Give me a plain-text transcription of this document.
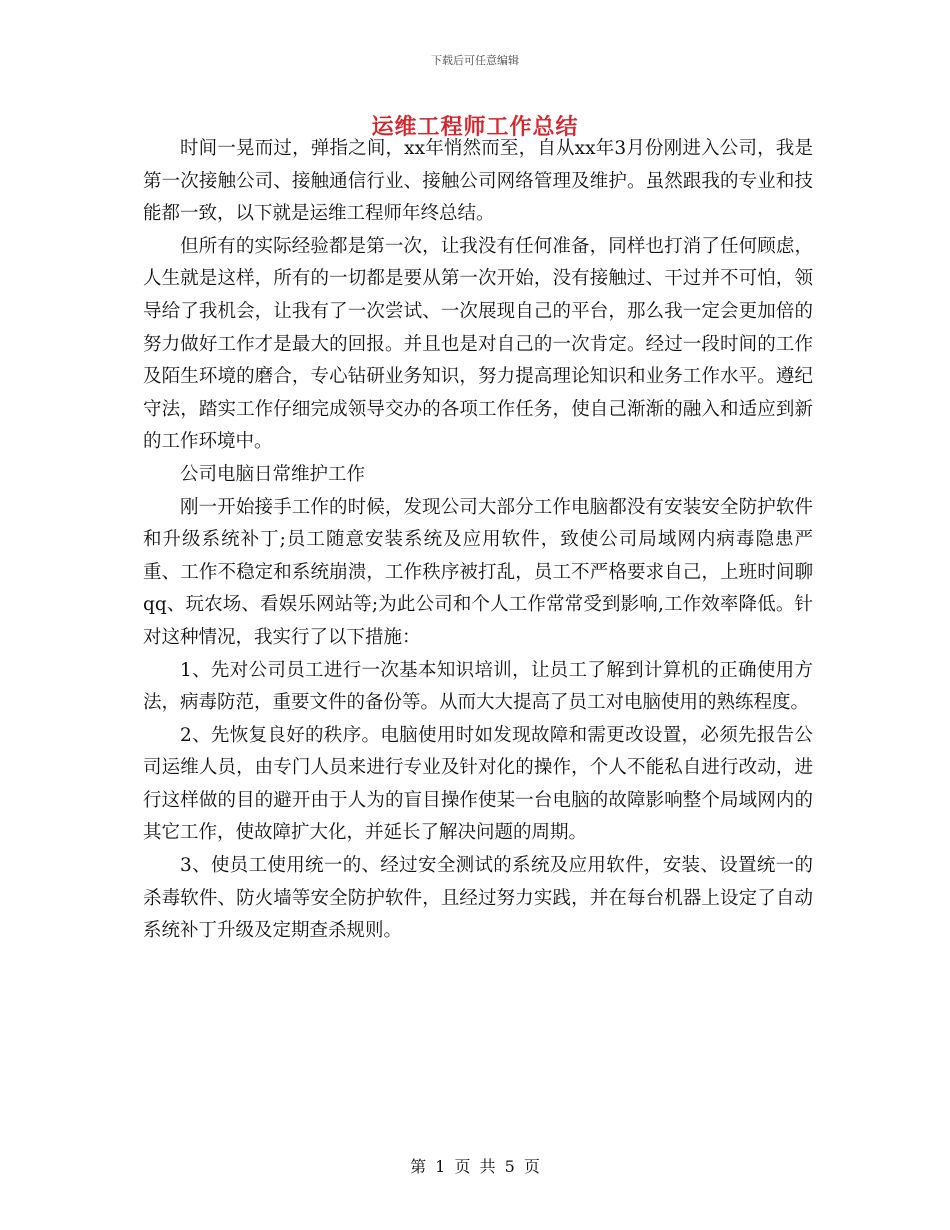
下载后可任意编辑
运维工程师工作总结

时间一晃而过，弹指之间，xx年悄然而至，自从xx年3月份刚进入公司，我是第一次接触公司、接触通信行业、接触公司网络管理及维护。虽然跟我的专业和技能都一致，以下就是运维工程师年终总结。

但所有的实际经验都是第一次，让我没有任何准备，同样也打消了任何顾虑，人生就是这样，所有的一切都是要从第一次开始，没有接触过、干过并不可怕，领导给了我机会，让我有了一次尝试、一次展现自己的平台，那么我一定会更加倍的努力做好工作才是最大的回报。并且也是对自己的一次肯定。经过一段时间的工作及陌生环境的磨合，专心钻研业务知识，努力提高理论知识和业务工作水平。遵纪守法，踏实工作仔细完成领导交办的各项工作任务，使自己渐渐的融入和适应到新的工作环境中。

公司电脑日常维护工作

刚一开始接手工作的时候，发现公司大部分工作电脑都没有安装安全防护软件和升级系统补丁;员工随意安装系统及应用软件，致使公司局域网内病毒隐患严重、工作不稳定和系统崩溃，工作秩序被打乱，员工不严格要求自己，上班时间聊qq、玩农场、看娱乐网站等;为此公司和个人工作常常受到影响,工作效率降低。针对这种情况，我实行了以下措施：

1、先对公司员工进行一次基本知识培训，让员工了解到计算机的正确使用方法，病毒防范，重要文件的备份等。从而大大提高了员工对电脑使用的熟练程度。

2、先恢复良好的秩序。电脑使用时如发现故障和需更改设置，必须先报告公司运维人员，由专门人员来进行专业及针对化的操作，个人不能私自进行改动，进行这样做的目的避开由于人为的盲目操作使某一台电脑的故障影响整个局域网内的其它工作，使故障扩大化，并延长了解决问题的周期。

3、使员工使用统一的、经过安全测试的系统及应用软件，安装、设置统一的杀毒软件、防火墙等安全防护软件，且经过努力实践，并在每台机器上设定了自动系统补丁升级及定期查杀规则。

第 1 页 共 5 页
